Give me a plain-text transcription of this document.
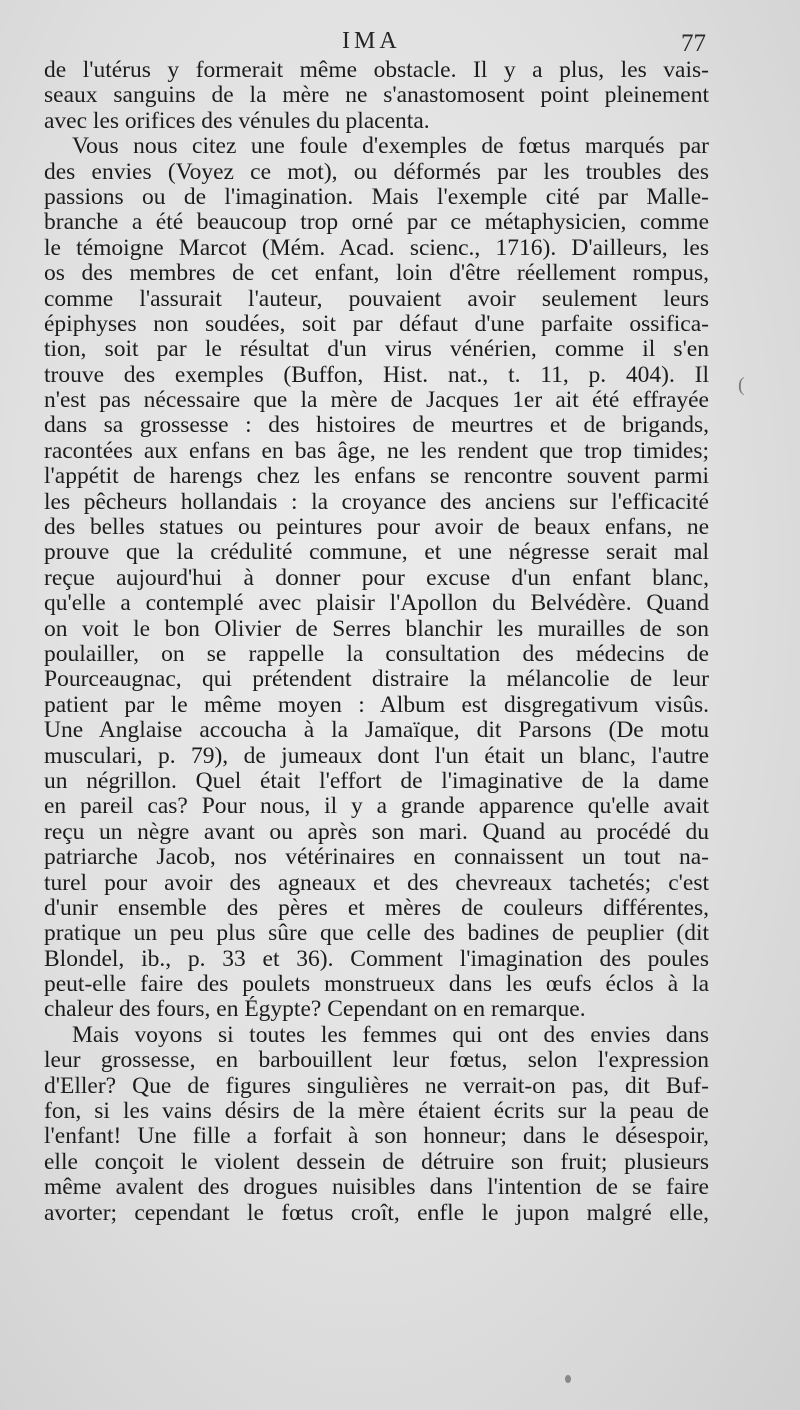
IMA	77
de l'utérus y formerait même obstacle. Il y a plus, les vais-
seaux sanguins de la mère ne s'anastomosent point pleinement
avec les orifices des vénules du placenta.
Vous nous citez une foule d'exemples de fœtus marqués par
des envies (Voyez ce mot), ou déformés par les troubles des
passions ou de l'imagination. Mais l'exemple cité par Malle-
branche a été beaucoup trop orné par ce métaphysicien, comme
le témoigne Marcot (Mém. Acad. scienc., 1716). D'ailleurs, les
os des membres de cet enfant, loin d'être réellement rompus,
comme l'assurait l'auteur, pouvaient avoir seulement leurs
épiphyses non soudées, soit par défaut d'une parfaite ossifica-
tion, soit par le résultat d'un virus vénérien, comme il s'en
trouve des exemples (Buffon, Hist. nat., t. 11, p. 404). Il
n'est pas nécessaire que la mère de Jacques 1er ait été effrayée
dans sa grossesse : des histoires de meurtres et de brigands,
racontées aux enfans en bas âge, ne les rendent que trop timides;
l'appétit de harengs chez les enfans se rencontre souvent parmi
les pêcheurs hollandais : la croyance des anciens sur l'efficacité
des belles statues ou peintures pour avoir de beaux enfans, ne
prouve que la crédulité commune, et une négresse serait mal
reçue aujourd'hui à donner pour excuse d'un enfant blanc,
qu'elle a contemplé avec plaisir l'Apollon du Belvédère. Quand
on voit le bon Olivier de Serres blanchir les murailles de son
poulailler, on se rappelle la consultation des médecins de
Pourceaugnac, qui prétendent distraire la mélancolie de leur
patient par le même moyen : Album est disgregativum visûs.
Une Anglaise accoucha à la Jamaïque, dit Parsons (De motu
musculari, p. 79), de jumeaux dont l'un était un blanc, l'autre
un négrillon. Quel était l'effort de l'imaginative de la dame
en pareil cas? Pour nous, il y a grande apparence qu'elle avait
reçu un nègre avant ou après son mari. Quand au procédé du
patriarche Jacob, nos vétérinaires en connaissent un tout na-
turel pour avoir des agneaux et des chevreaux tachetés; c'est
d'unir ensemble des pères et mères de couleurs différentes,
pratique un peu plus sûre que celle des badines de peuplier (dit
Blondel, ib., p. 33 et 36). Comment l'imagination des poules
peut-elle faire des poulets monstrueux dans les œufs éclos à la
chaleur des fours, en Égypte? Cependant on en remarque.
Mais voyons si toutes les femmes qui ont des envies dans
leur grossesse, en barbouillent leur fœtus, selon l'expression
d'Eller? Que de figures singulières ne verrait-on pas, dit Buf-
fon, si les vains désirs de la mère étaient écrits sur la peau de
l'enfant! Une fille a forfait à son honneur; dans le désespoir,
elle conçoit le violent dessein de détruire son fruit; plusieurs
même avalent des drogues nuisibles dans l'intention de se faire
avorter; cependant le fœtus croît, enfle le jupon malgré elle,
(
